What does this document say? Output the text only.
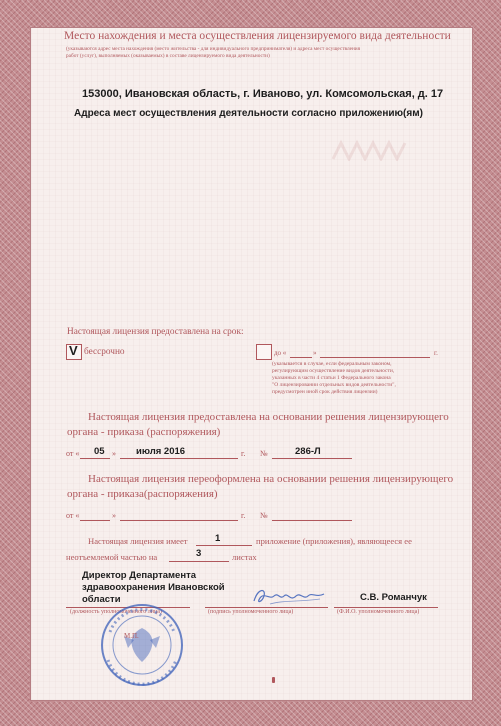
Место нахождения и места осуществления лицензируемого вида деятельности
(указываются адрес места нахождения (место жительства - для индивидуального предпринимателя) и адреса мест осуществления
работ (услуг), выполняемых (оказываемых) в составе лицензируемого вида деятельности)
153000, Ивановская область, г. Иваново, ул. Комсомольская, д. 17
Адреса мест осуществления деятельности согласно приложению(ям)
Настоящая лицензия предоставлена на срок:
V бессрочно	до «	»	г.
(указывается в случае, если федеральным законом,
регулирующим осуществление видов деятельности,
указанных в части 4 статьи 1 Федерального закона
"О лицензировании отдельных видов деятельности",
предусмотрен иной срок действия лицензии)
Настоящая лицензия предоставлена на основании решения лицензирующего
органа - приказа (распоряжения)
от « 05 » июля 2016	г. №	286-Л
Настоящая лицензия переоформлена на основании решения лицензирующего
органа - приказа(распоряжения)
от «	»	г. №
Настоящая лицензия имеет	1	приложение (приложения), являющееся ее
неотъемлемой частью на	3	листах
Директор Департамента
здравоохранения Ивановской
области	С.В. Романчук
(должность уполномоченного лица)	(подпись уполномоченного лица)	(Ф.И.О. уполномоченного лица)
М.П.
